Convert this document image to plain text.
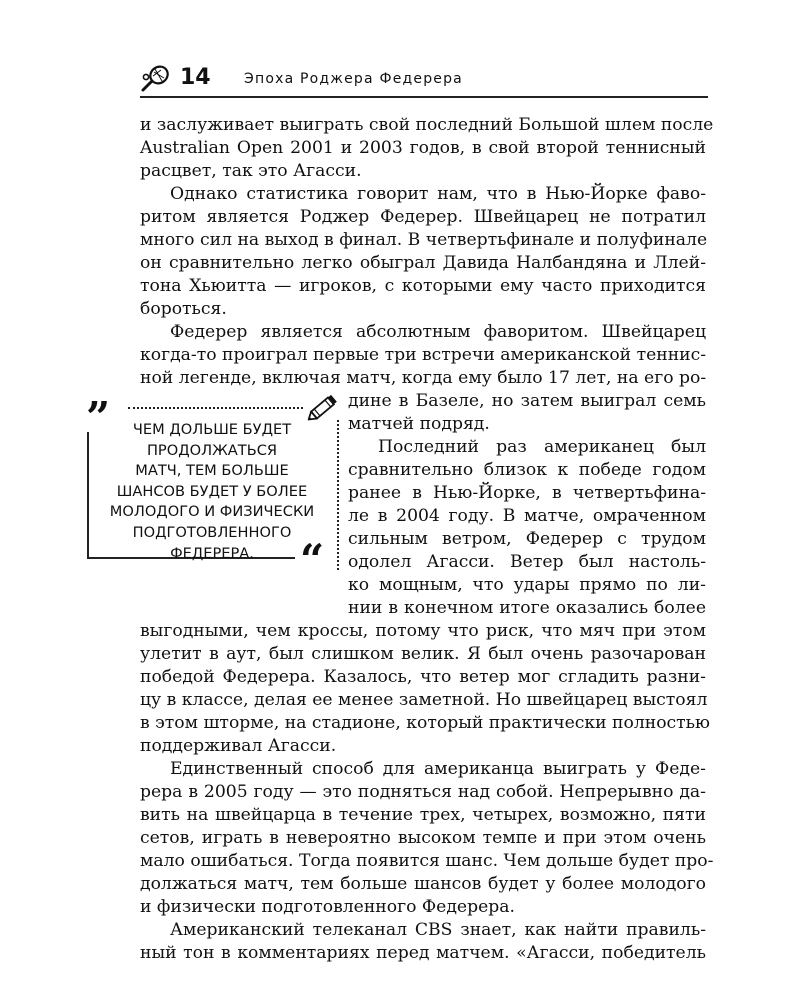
14 Эпоха Роджера Федерера
и заслуживает выиграть свой последний Большой шлем после
Australian Open 2001 и 2003 годов, в свой второй теннисный
расцвет, так это Агасси.
Однако статистика говорит нам, что в Нью-Йорке фаво-
ритом является Роджер Федерер. Швейцарец не потратил
много сил на выход в финал. В четвертьфинале и полуфинале
он сравнительно легко обыграл Давида Налбандяна и Ллей-
тона Хьюитта — игроков, с которыми ему часто приходится
бороться.
Федерер является абсолютным фаворитом. Швейцарец
когда-то проиграл первые три встречи американской теннис-
ной легенде, включая матч, когда ему было 17 лет, на его ро-
дине в Базеле, но затем выиграл семь
матчей подряд.
Последний раз американец был
сравнительно близок к победе годом
ранее в Нью-Йорке, в четвертьфина-
ле в 2004 году. В матче, омраченном
сильным ветром, Федерер с трудом
одолел Агасси. Ветер был настоль-
ко мощным, что удары прямо по ли-
нии в конечном итоге оказались более
выгодными, чем кроссы, потому что риск, что мяч при этом
улетит в аут, был слишком велик. Я был очень разочарован
победой Федерера. Казалось, что ветер мог сгладить разни-
цу в классе, делая ее менее заметной. Но швейцарец выстоял
в этом шторме, на стадионе, который практически полностью
поддерживал Агасси.
Единственный способ для американца выиграть у Феде-
рера в 2005 году — это подняться над собой. Непрерывно да-
вить на швейцарца в течение трех, четырех, возможно, пяти
сетов, играть в невероятно высоком темпе и при этом очень
мало ошибаться. Тогда появится шанс. Чем дольше будет про-
должаться матч, тем больше шансов будет у более молодого
и физически подготовленного Федерера.
Американский телеканал CBS знает, как найти правиль-
ный тон в комментариях перед матчем. «Агасси, победитель
”
“
ЧЕМ ДОЛЬШЕ БУДЕТ
ПРОДОЛЖАТЬСЯ
МАТЧ, ТЕМ БОЛЬШЕ
ШАНСОВ БУДЕТ У БОЛЕЕ
МОЛОДОГО И ФИЗИЧЕСКИ
ПОДГОТОВЛЕННОГО
ФЕДЕРЕРА.
